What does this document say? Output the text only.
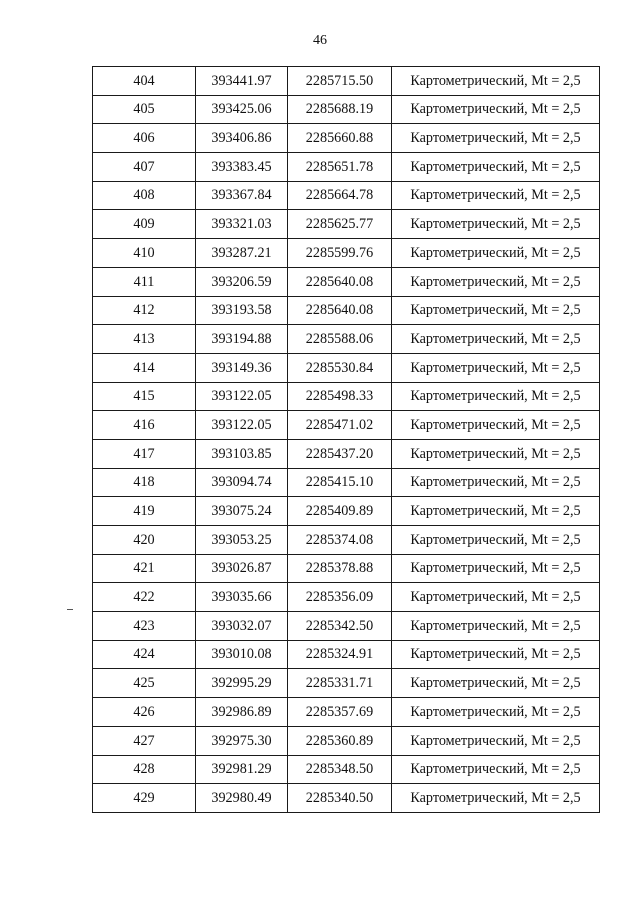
46
404	393441.97	2285715.50	Картометрический, Mt = 2,5
405	393425.06	2285688.19	Картометрический, Mt = 2,5
406	393406.86	2285660.88	Картометрический, Mt = 2,5
407	393383.45	2285651.78	Картометрический, Mt = 2,5
408	393367.84	2285664.78	Картометрический, Mt = 2,5
409	393321.03	2285625.77	Картометрический, Mt = 2,5
410	393287.21	2285599.76	Картометрический, Mt = 2,5
411	393206.59	2285640.08	Картометрический, Mt = 2,5
412	393193.58	2285640.08	Картометрический, Mt = 2,5
413	393194.88	2285588.06	Картометрический, Mt = 2,5
414	393149.36	2285530.84	Картометрический, Mt = 2,5
415	393122.05	2285498.33	Картометрический, Mt = 2,5
416	393122.05	2285471.02	Картометрический, Mt = 2,5
417	393103.85	2285437.20	Картометрический, Mt = 2,5
418	393094.74	2285415.10	Картометрический, Mt = 2,5
419	393075.24	2285409.89	Картометрический, Mt = 2,5
420	393053.25	2285374.08	Картометрический, Mt = 2,5
421	393026.87	2285378.88	Картометрический, Mt = 2,5
422	393035.66	2285356.09	Картометрический, Mt = 2,5
423	393032.07	2285342.50	Картометрический, Mt = 2,5
424	393010.08	2285324.91	Картометрический, Mt = 2,5
425	392995.29	2285331.71	Картометрический, Mt = 2,5
426	392986.89	2285357.69	Картометрический, Mt = 2,5
427	392975.30	2285360.89	Картометрический, Mt = 2,5
428	392981.29	2285348.50	Картометрический, Mt = 2,5
429	392980.49	2285340.50	Картометрический, Mt = 2,5
